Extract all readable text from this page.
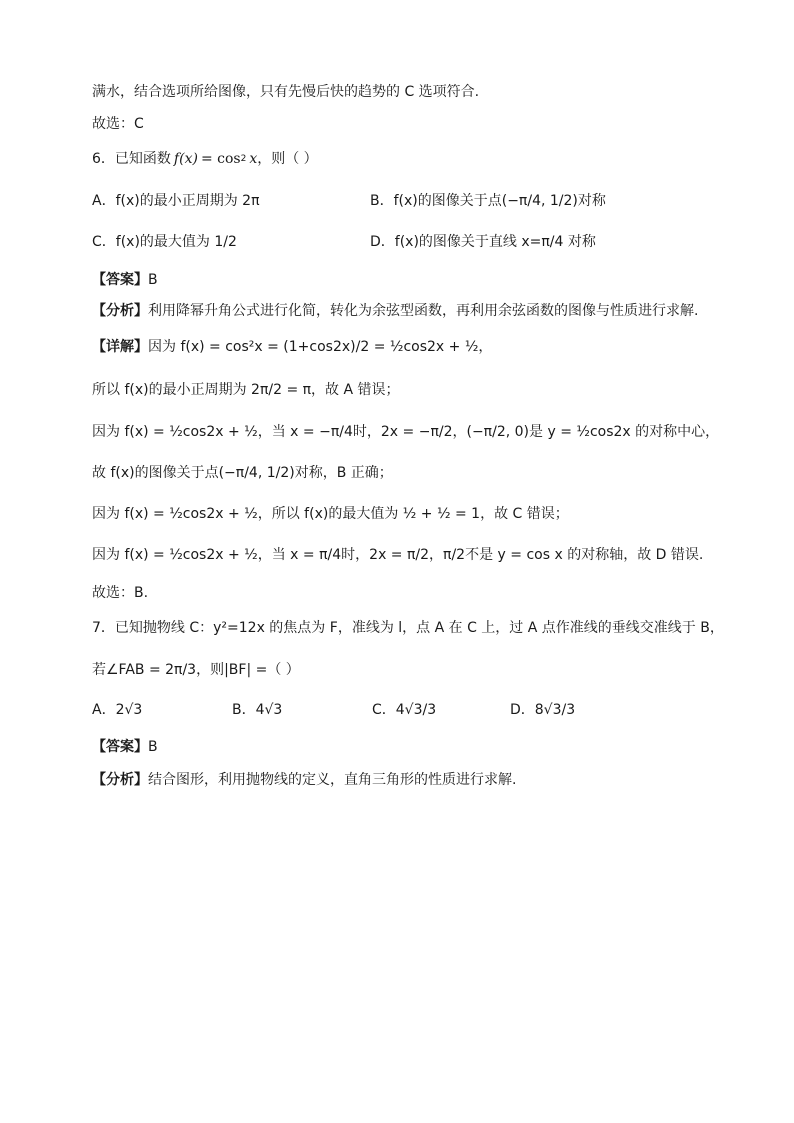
满水，结合选项所给图像，只有先慢后快的趋势的 C 选项符合.
故选：C
6．已知函数 f(x) = cos 2 x ，则（ ）
A．f(x)的最小正周期为 2π	B．f(x)的图像关于点(−π/4, 1/2)对称
C．f(x)的最大值为 1/2	D．f(x)的图像关于直线 x=π/4 对称
【答案】 B
【分析】 利用降幂升角公式进行化简，转化为余弦型函数，再利用余弦函数的图像与性质进行求解.
【详解】 因为 f(x) = cos²x = (1+cos2x)/2 = ½cos2x + ½，
所以 f(x)的最小正周期为 2π/2 = π，故 A 错误；
因为 f(x) = ½cos2x + ½，当 x = −π/4时，2x = −π/2，(−π/2, 0)是 y = ½cos2x 的对称中心，
故 f(x)的图像关于点(−π/4, 1/2)对称，B 正确；
因为 f(x) = ½cos2x + ½，所以 f(x)的最大值为 ½ + ½ = 1，故 C 错误；
因为 f(x) = ½cos2x + ½，当 x = π/4时，2x = π/2，π/2不是 y = cos x 的对称轴，故 D 错误.
故选：B.
7．已知抛物线 C：y²=12x 的焦点为 F，准线为 l，点 A 在 C 上，过 A 点作准线的垂线交准线于 B，
若∠FAB = 2π/3，则|BF| =（ ）
A．2√3	B．4√3	C．4√3/3	D．8√3/3
【答案】 B
【分析】 结合图形，利用抛物线的定义，直角三角形的性质进行求解.
